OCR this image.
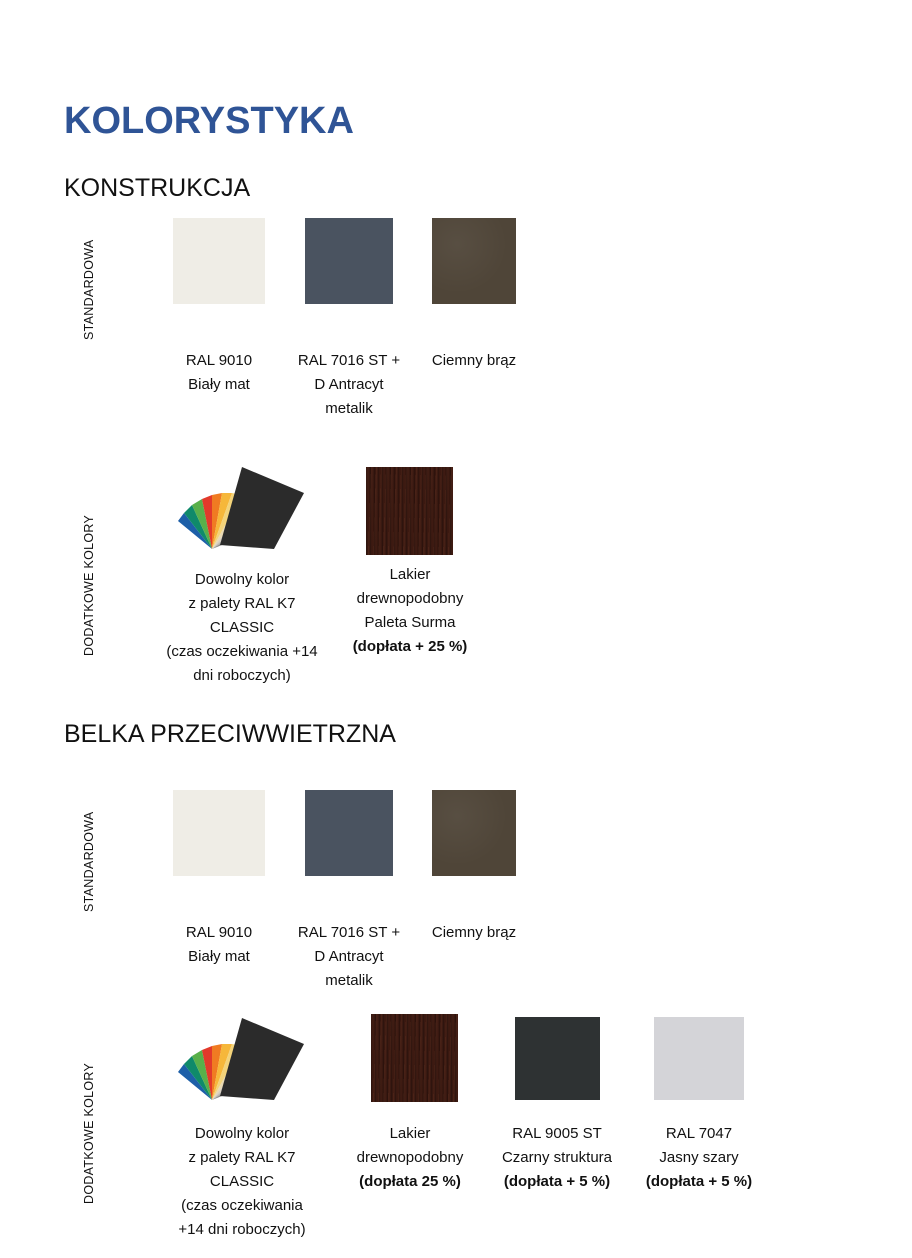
KOLORYSTYKA
KONSTRUKCJA
STANDARDOWA
RAL 9010
Biały mat
RAL 7016 ST +
D Antracyt
metalik
Ciemny brąz
DODATKOWE KOLORY	Dowolny kolor
z palety RAL K7
CLASSIC
(czas oczekiwania +14
dni roboczych)
Lakier
drewnopodobny
Paleta Surma
(dopłata + 25 %)
BELKA PRZECIWWIETRZNA
STANDARDOWA
RAL 9010
Biały mat
RAL 7016 ST +
D Antracyt
metalik
Ciemny brąz
DODATKOWE KOLORY	Dowolny kolor
z palety RAL K7
CLASSIC
(czas oczekiwania
+14 dni roboczych)
Lakier
drewnopodobny
(dopłata 25 %)
RAL 9005 ST
Czarny struktura
(dopłata + 5 %)
RAL 7047
Jasny szary
(dopłata + 5 %)
